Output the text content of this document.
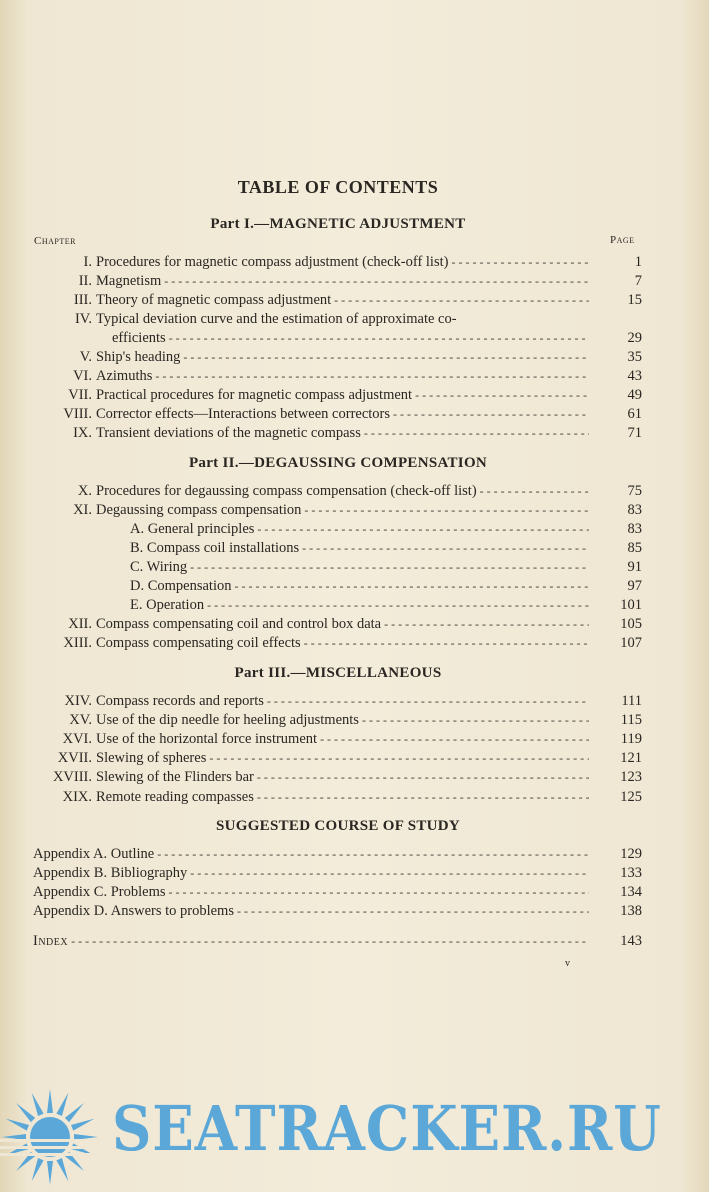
TABLE OF CONTENTS
Part I.—MAGNETIC ADJUSTMENT
Chapter	Page
I. Procedures for magnetic compass adjustment (check-off list) - - -	1
II. Magnetism - - -	7
III. Theory of magnetic compass adjustment - - -	15
IV. Typical deviation curve and the estimation of approximate co-
efficients - - -	29
V. Ship's heading - - -	35
VI. Azimuths - - -	43
VII. Practical procedures for magnetic compass adjustment - - -	49
VIII. Corrector effects—Interactions between correctors - - -	61
IX. Transient deviations of the magnetic compass - - -	71
Part II.—DEGAUSSING COMPENSATION
X. Procedures for degaussing compass compensation (check-off list) - - -	75
XI. Degaussing compass compensation - - -	83
A. General principles - - -	83
B. Compass coil installations - - -	85
C. Wiring - - -	91
D. Compensation - - -	97
E. Operation - - -	101
XII. Compass compensating coil and control box data - - -	105
XIII. Compass compensating coil effects - - -	107
Part III.—MISCELLANEOUS
XIV. Compass records and reports - - -	111
XV. Use of the dip needle for heeling adjustments - - -	115
XVI. Use of the horizontal force instrument - - -	119
XVII. Slewing of spheres - - -	121
XVIII. Slewing of the Flinders bar - - -	123
XIX. Remote reading compasses - - -	125
SUGGESTED COURSE OF STUDY
Appendix A. Outline - - -	129
Appendix B. Bibliography - - -	133
Appendix C. Problems - - -	134
Appendix D. Answers to problems - - -	138
Index - - -	143
v
SEATRACKER.RU
